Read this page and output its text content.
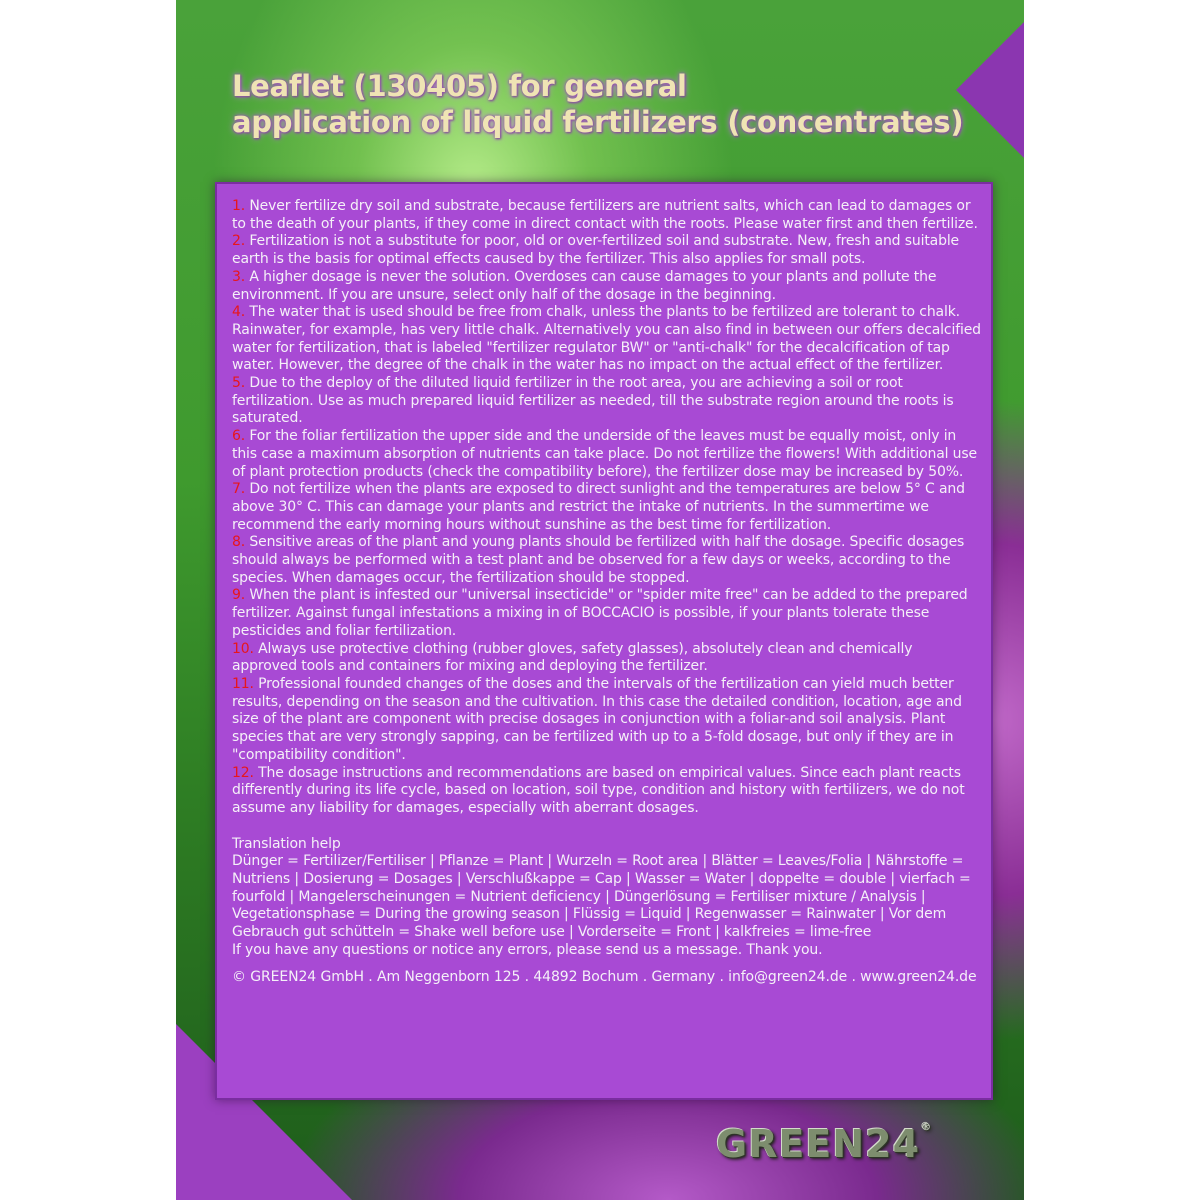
Leaflet (130405) for general
application of liquid fertilizers (concentrates)

1. Never fertilize dry soil and substrate, because fertilizers are nutrient salts, which can lead to damages or to the death of your plants, if they come in direct contact with the roots. Please water first and then fertilize.

2. Fertilization is not a substitute for poor, old or over-fertilized soil and substrate. New, fresh and suitable earth is the basis for optimal effects caused by the fertilizer. This also applies for small pots.

3. A higher dosage is never the solution. Overdoses can cause damages to your plants and pollute the environment. If you are unsure, select only half of the dosage in the beginning.

4. The water that is used should be free from chalk, unless the plants to be fertilized are tolerant to chalk. Rainwater, for example, has very little chalk. Alternatively you can also find in between our offers decalcified water for fertilization, that is labeled "fertilizer regulator BW" or "anti-chalk" for the decalcification of tap water. However, the degree of the chalk in the water has no impact on the actual effect of the fertilizer.

5. Due to the deploy of the diluted liquid fertilizer in the root area, you are achieving a soil or root fertilization. Use as much prepared liquid fertilizer as needed, till the substrate region around the roots is saturated.

6. For the foliar fertilization the upper side and the underside of the leaves must be equally moist, only in this case a maximum absorption of nutrients can take place. Do not fertilize the flowers! With additional use of plant protection products (check the compatibility before), the fertilizer dose may be increased by 50%.

7. Do not fertilize when the plants are exposed to direct sunlight and the temperatures are below 5° C and above 30° C. This can damage your plants and restrict the intake of nutrients. In the summertime we recommend the early morning hours without sunshine as the best time for fertilization.

8. Sensitive areas of the plant and young plants should be fertilized with half the dosage. Specific dosages should always be performed with a test plant and be observed for a few days or weeks, according to the species. When damages occur, the fertilization should be stopped.

9. When the plant is infested our "universal insecticide" or "spider mite free" can be added to the prepared fertilizer. Against fungal infestations a mixing in of BOCCACIO is possible, if your plants tolerate these pesticides and foliar fertilization.

10. Always use protective clothing (rubber gloves, safety glasses), absolutely clean and chemically approved tools and containers for mixing and deploying the fertilizer.

11. Professional founded changes of the doses and the intervals of the fertilization can yield much better results, depending on the season and the cultivation. In this case the detailed condition, location, age and size of the plant are component with precise dosages in conjunction with a foliar-and soil analysis. Plant species that are very strongly sapping, can be fertilized with up to a 5-fold dosage, but only if they are in "compatibility condition".

12. The dosage instructions and recommendations are based on empirical values. Since each plant reacts differently during its life cycle, based on location, soil type, condition and history with fertilizers, we do not assume any liability for damages, especially with aberrant dosages.

Translation help

Dünger = Fertilizer/Fertiliser | Pflanze = Plant | Wurzeln = Root area | Blätter = Leaves/Folia | Nährstoffe = Nutriens | Dosierung = Dosages | Verschlußkappe = Cap | Wasser = Water | doppelte = double | vierfach = fourfold | Mangelerscheinungen = Nutrient deficiency | Düngerlösung = Fertiliser mixture / Analysis | Vegetationsphase = During the growing season | Flüssig = Liquid | Regenwasser = Rainwater | Vor dem Gebrauch gut schütteln = Shake well before use | Vorderseite = Front | kalkfreies = lime-free

If you have any questions or notice any errors, please send us a message. Thank you.

© GREEN24 GmbH . Am Neggenborn 125 . 44892 Bochum . Germany . info@green24.de . www.green24.de

GREEN24®
